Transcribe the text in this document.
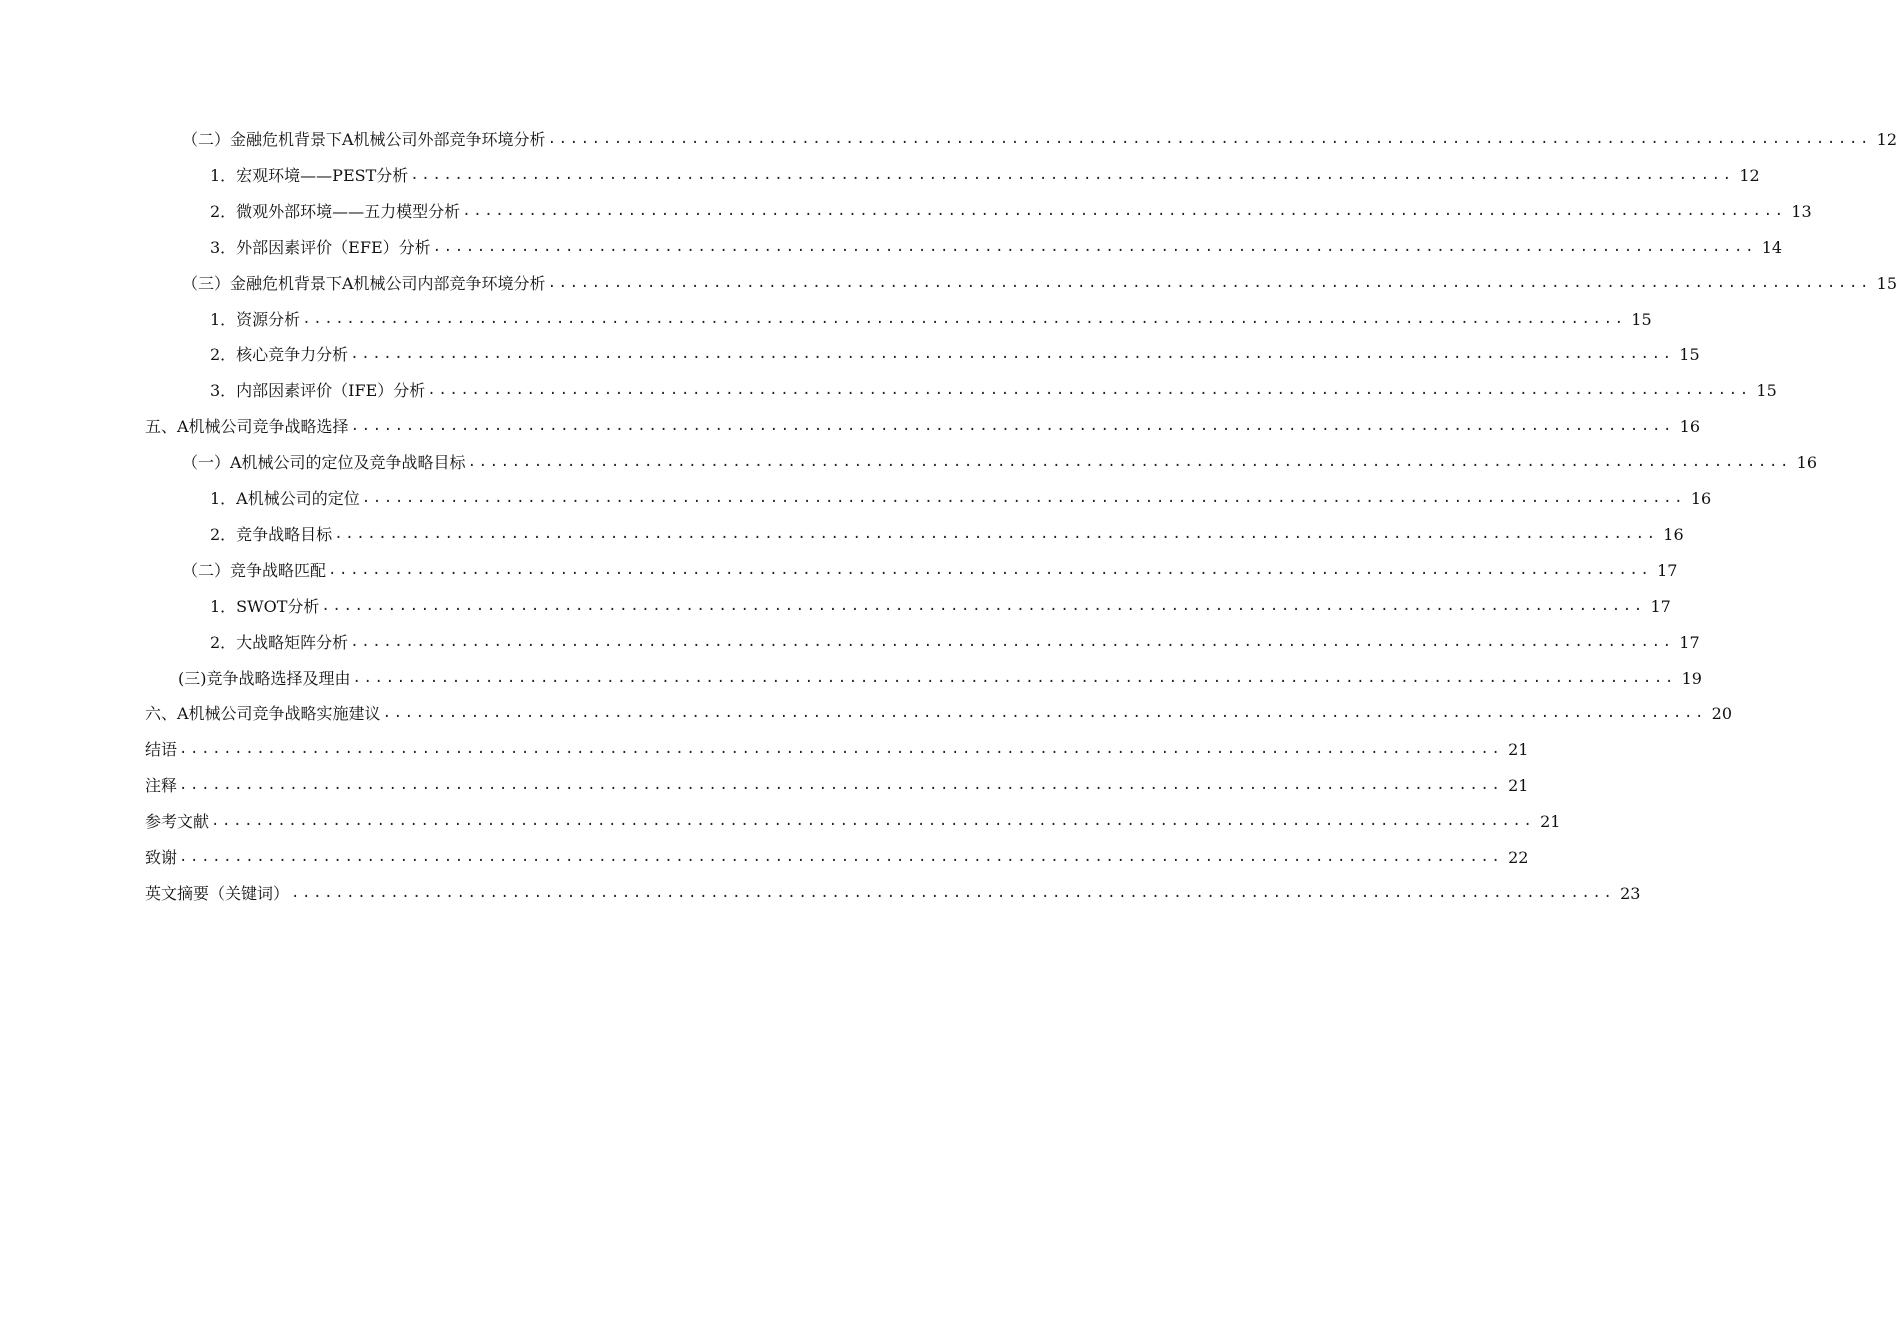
（二）金融危机背景下A机械公司外部竞争环境分析 ........................................................................................................................ 12
1．宏观环境——PEST分析 ........................................................................................................................ 12
2．微观外部环境——五力模型分析 ........................................................................................................................ 13
3．外部因素评价（EFE）分析 ........................................................................................................................ 14
（三）金融危机背景下A机械公司内部竞争环境分析 ........................................................................................................................ 15
1．资源分析 ........................................................................................................................ 15
2．核心竞争力分析 ........................................................................................................................ 15
3．内部因素评价（IFE）分析 ........................................................................................................................ 15
五、A机械公司竞争战略选择 ........................................................................................................................ 16
（一）A机械公司的定位及竞争战略目标 ........................................................................................................................ 16
1．A机械公司的定位 ........................................................................................................................ 16
2．竞争战略目标 ........................................................................................................................ 16
（二）竞争战略匹配 ........................................................................................................................ 17
1．SWOT分析 ........................................................................................................................ 17
2．大战略矩阵分析 ........................................................................................................................ 17
(三)竞争战略选择及理由 ........................................................................................................................ 19
六、A机械公司竞争战略实施建议 ........................................................................................................................ 20
结语 ........................................................................................................................ 21
注释 ........................................................................................................................ 21
参考文献 ........................................................................................................................ 21
致谢 ........................................................................................................................ 22
英文摘要（关键词） ........................................................................................................................ 23
